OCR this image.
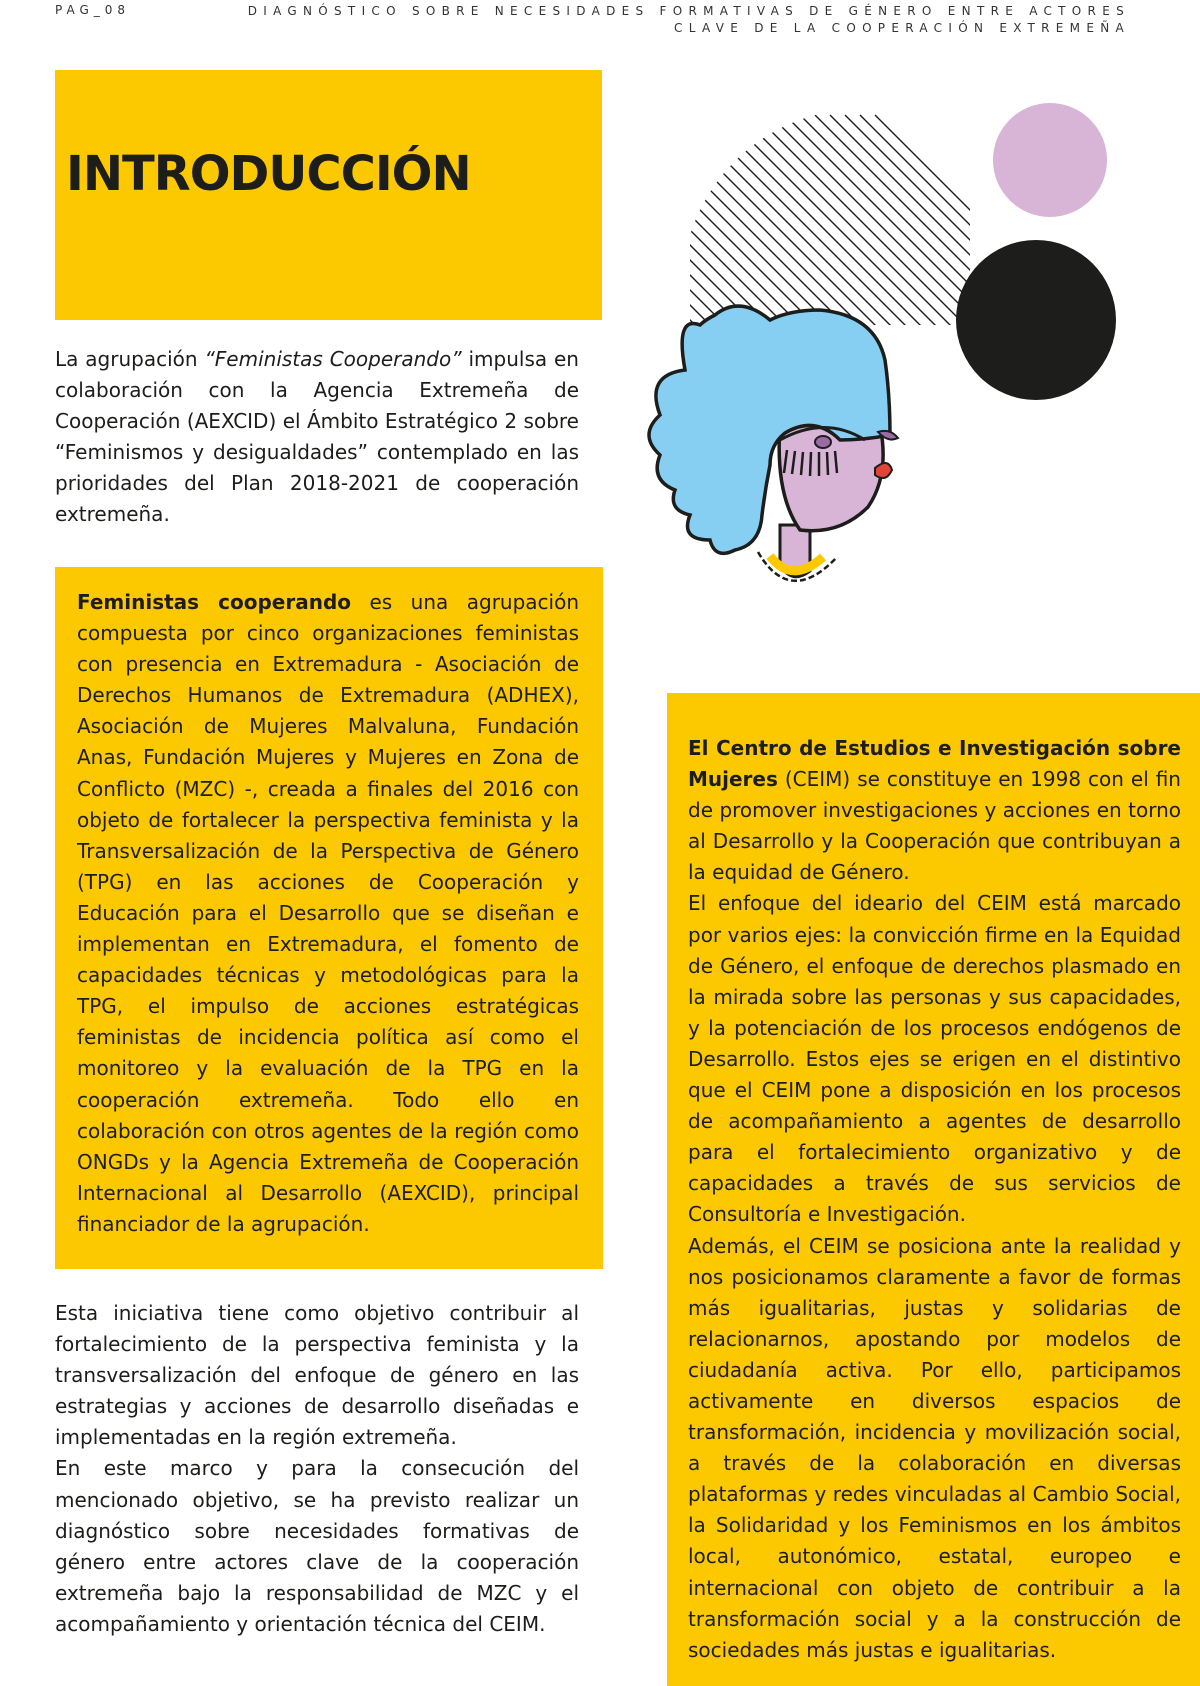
PAG_08	DIAGNÓSTICO SOBRE NECESIDADES FORMATIVAS DE GÉNERO ENTRE ACTORES
CLAVE DE LA COOPERACIÓN EXTREMEÑA
INTRODUCCIÓN

La agrupación “Feministas Cooperando” impulsa en colaboración con la Agencia Extremeña de Cooperación (AEXCID) el Ámbito Estratégico 2 sobre “Feminismos y desigualdades” contemplado en las prioridades del Plan 2018-2021 de cooperación extremeña.

Feministas cooperando es una agrupación compuesta por cinco organizaciones feministas con presencia en Extremadura - Asociación de Derechos Humanos de Extremadura (ADHEX), Asociación de Mujeres Malvaluna, Fundación Anas, Fundación Mujeres y Mujeres en Zona de Conflicto (MZC) -, creada a finales del 2016 con objeto de fortalecer la perspectiva feminista y la Transversalización de la Perspectiva de Género (TPG) en las acciones de Cooperación y Educación para el Desarrollo que se diseñan e implementan en Extremadura, el fomento de capacidades técnicas y metodológicas para la TPG, el impulso de acciones estratégicas feministas de incidencia política así como el monitoreo y la evaluación de la TPG en la cooperación extremeña. Todo ello en colaboración con otros agentes de la región como ONGDs y la Agencia Extremeña de Cooperación Internacional al Desarrollo (AEXCID), principal financiador de la agrupación.

Esta iniciativa tiene como objetivo contribuir al fortalecimiento de la perspectiva feminista y la transversalización del enfoque de género en las estrategias y acciones de desarrollo diseñadas e implementadas en la región extremeña.

En este marco y para la consecución del mencionado objetivo, se ha previsto realizar un diagnóstico sobre necesidades formativas de género entre actores clave de la cooperación extremeña bajo la responsabilidad de MZC y el acompañamiento y orientación técnica del CEIM.

El Centro de Estudios e Investigación sobre Mujeres (CEIM) se constituye en 1998 con el fin de promover investigaciones y acciones en torno al Desarrollo y la Cooperación que contribuyan a la equidad de Género.

El enfoque del ideario del CEIM está marcado por varios ejes: la convicción firme en la Equidad de Género, el enfoque de derechos plasmado en la mirada sobre las personas y sus capacidades, y la potenciación de los procesos endógenos de Desarrollo. Estos ejes se erigen en el distintivo que el CEIM pone a disposición en los procesos de acompañamiento a agentes de desarrollo para el fortalecimiento organizativo y de capacidades a través de sus servicios de Consultoría e Investigación.

Además, el CEIM se posiciona ante la realidad y nos posicionamos claramente a favor de formas más igualitarias, justas y solidarias de relacionarnos, apostando por modelos de ciudadanía activa. Por ello, participamos activamente en diversos espacios de transformación, incidencia y movilización social, a través de la colaboración en diversas plataformas y redes vinculadas al Cambio Social, la Solidaridad y los Feminismos en los ámbitos local, autonómico, estatal, europeo e internacional con objeto de contribuir a la transformación social y a la construcción de sociedades más justas e igualitarias.
